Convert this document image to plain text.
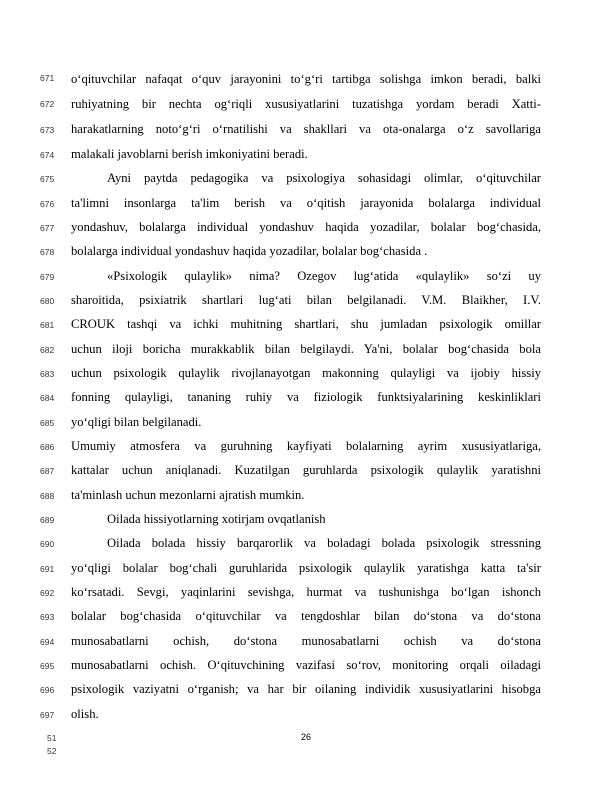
671
672
673
674
675
676
677
678
679
680
681
682
683
684
685
686
687
688
689
690
691
692
693
694
695
696
697
o‘qituvchilar nafaqat o‘quv jarayonini to‘g‘ri tartibga solishga imkon beradi, balki
ruhiyatning bir nechta og‘riqli xususiyatlarini tuzatishga yordam beradi Xatti-
harakatlarning noto‘g‘ri o‘rnatilishi va shakllari va ota-onalarga o‘z savollariga
malakali javoblarni berish imkoniyatini beradi.
Ayni paytda pedagogika va psixologiya sohasidagi olimlar, o‘qituvchilar
ta'limni insonlarga ta'lim berish va o‘qitish jarayonida bolalarga individual
yondashuv, bolalarga individual yondashuv haqida yozadilar, bolalar bog‘chasida,
bolalarga individual yondashuv haqida yozadilar, bolalar bog‘chasida .
«Psixologik qulaylik» nima? Ozegov lug‘atida «qulaylik» so‘zi uy
sharoitida, psixiatrik shartlari lug‘ati bilan belgilanadi. V.M. Blaikher, I.V.
CROUK tashqi va ichki muhitning shartlari, shu jumladan psixologik omillar
uchun iloji boricha murakkablik bilan belgilaydi. Ya'ni, bolalar bog‘chasida bola
uchun psixologik qulaylik rivojlanayotgan makonning qulayligi va ijobiy hissiy
fonning qulayligi, tananing ruhiy va fiziologik funktsiyalarining keskinliklari
yo‘qligi bilan belgilanadi.
Umumiy atmosfera va guruhning kayfiyati bolalarning ayrim xususiyatlariga,
kattalar uchun aniqlanadi. Kuzatilgan guruhlarda psixologik qulaylik yaratishni
ta'minlash uchun mezonlarni ajratish mumkin.
Oilada hissiyotlarning xotirjam ovqatlanish
Oilada bolada hissiy barqarorlik va boladagi bolada psixologik stressning
yo‘qligi bolalar bog‘chali guruhlarida psixologik qulaylik yaratishga katta ta'sir
ko‘rsatadi. Sevgi, yaqinlarini sevishga, hurmat va tushunishga bo‘lgan ishonch
bolalar bog‘chasida o‘qituvchilar va tengdoshlar bilan do‘stona va do‘stona
munosabatlarni ochish, do‘stona munosabatlarni ochish va do‘stona
munosabatlarni ochish. O‘qituvchining vazifasi so‘rov, monitoring orqali oiladagi
psixologik vaziyatni o‘rganish; va har bir oilaning individik xususiyatlarini hisobga
olish.
51
52
26
